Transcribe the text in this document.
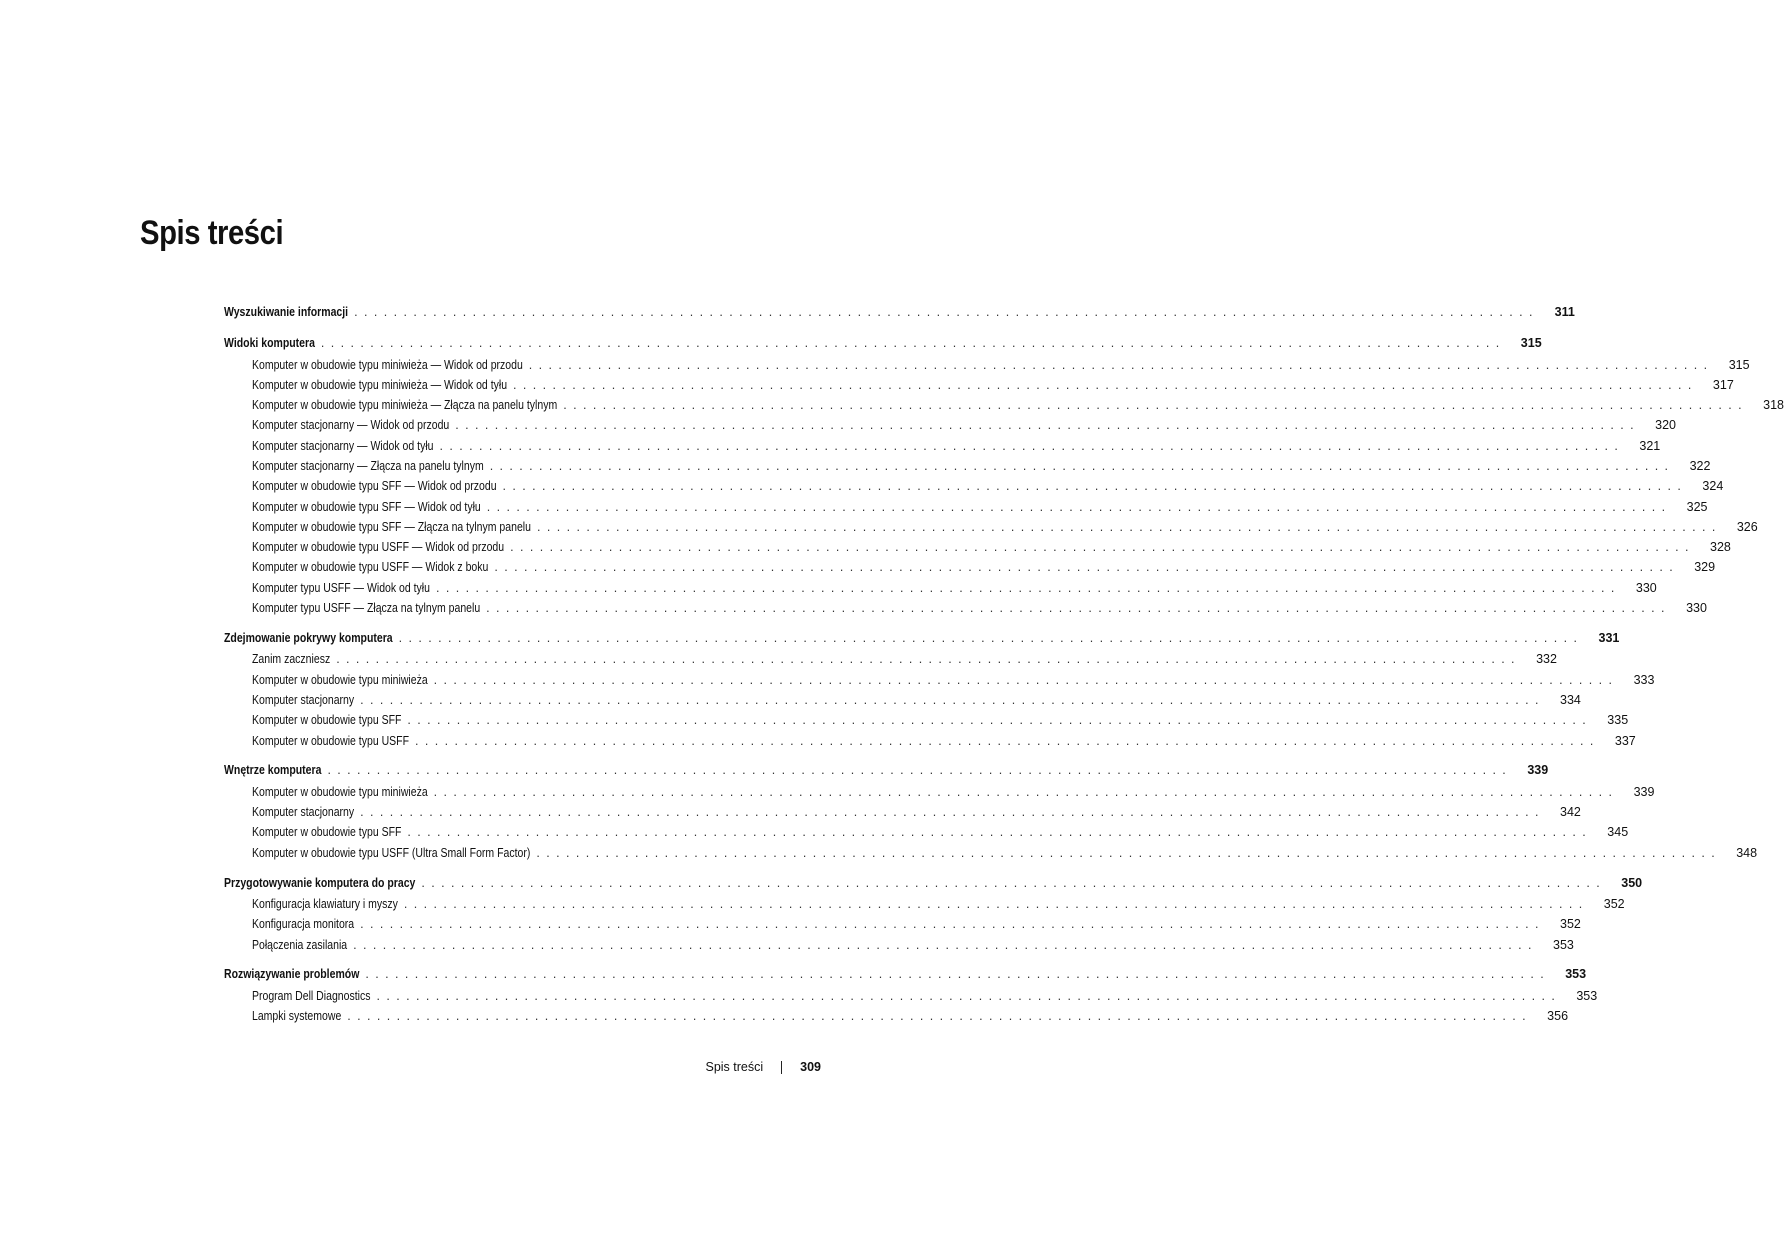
Spis treści
Wyszukiwanie informacji ........................................................................................................................ 311
Widoki komputera ........................................................................................................................ 315
Komputer w obudowie typu miniwieża — Widok od przodu ........................................................................................................................ 315
Komputer w obudowie typu miniwieża — Widok od tyłu ........................................................................................................................ 317
Komputer w obudowie typu miniwieża — Złącza na panelu tylnym ........................................................................................................................ 318
Komputer stacjonarny — Widok od przodu ........................................................................................................................ 320
Komputer stacjonarny — Widok od tyłu ........................................................................................................................ 321
Komputer stacjonarny — Złącza na panelu tylnym ........................................................................................................................ 322
Komputer w obudowie typu SFF — Widok od przodu ........................................................................................................................ 324
Komputer w obudowie typu SFF — Widok od tyłu ........................................................................................................................ 325
Komputer w obudowie typu SFF — Złącza na tylnym panelu ........................................................................................................................ 326
Komputer w obudowie typu USFF — Widok od przodu ........................................................................................................................ 328
Komputer w obudowie typu USFF — Widok z boku ........................................................................................................................ 329
Komputer typu USFF — Widok od tyłu ........................................................................................................................ 330
Komputer typu USFF — Złącza na tylnym panelu ........................................................................................................................ 330
Zdejmowanie pokrywy komputera ........................................................................................................................ 331
Zanim zaczniesz ........................................................................................................................ 332
Komputer w obudowie typu miniwieża ........................................................................................................................ 333
Komputer stacjonarny ........................................................................................................................ 334
Komputer w obudowie typu SFF ........................................................................................................................ 335
Komputer w obudowie typu USFF ........................................................................................................................ 337
Wnętrze komputera ........................................................................................................................ 339
Komputer w obudowie typu miniwieża ........................................................................................................................ 339
Komputer stacjonarny ........................................................................................................................ 342
Komputer w obudowie typu SFF ........................................................................................................................ 345
Komputer w obudowie typu USFF (Ultra Small Form Factor) ........................................................................................................................ 348
Przygotowywanie komputera do pracy ........................................................................................................................ 350
Konfiguracja klawiatury i myszy ........................................................................................................................ 352
Konfiguracja monitora ........................................................................................................................ 352
Połączenia zasilania ........................................................................................................................ 353
Rozwiązywanie problemów ........................................................................................................................ 353
Program Dell Diagnostics ........................................................................................................................ 353
Lampki systemowe ........................................................................................................................ 356
Spis treści	309
